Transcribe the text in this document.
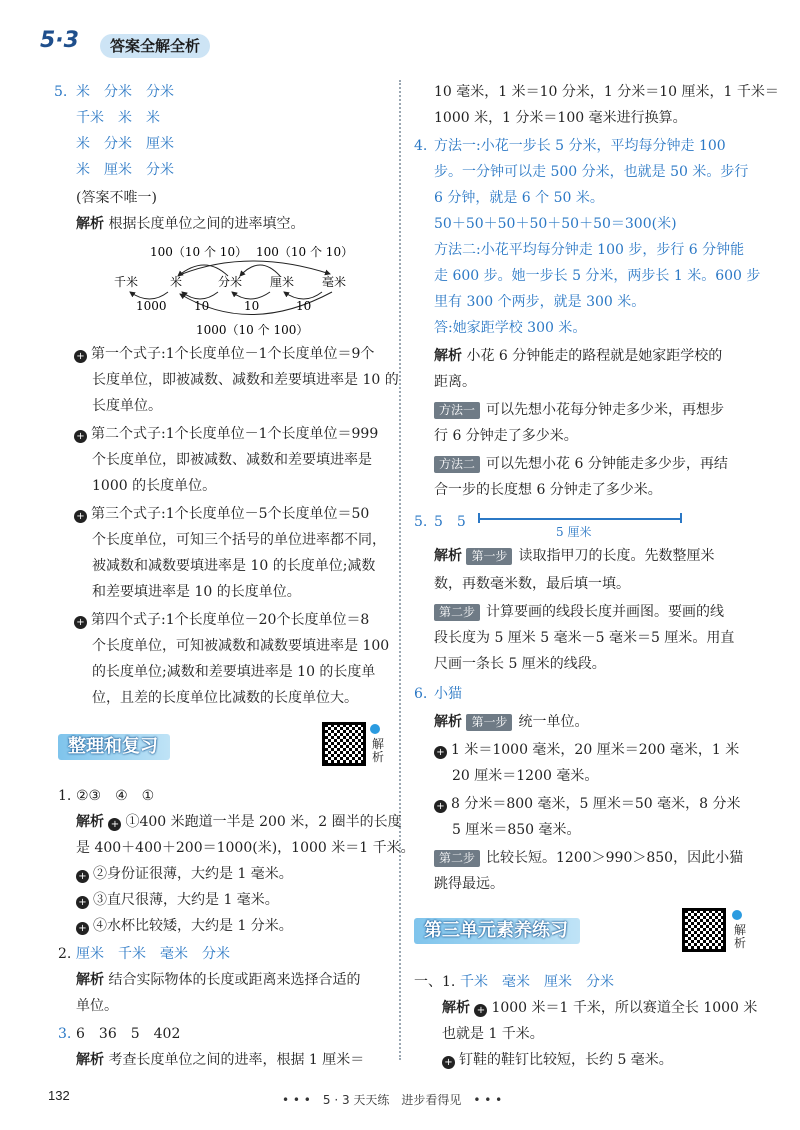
5·3	答案全解全析
5. 米　分米　分米
千米　米　米
米　分米　厘米
米　厘米　分米
(答案不唯一)
解析 根据长度单位之间的进率填空。
100（10 个 10） 100（10 个 10）
千米	米	分米 厘米 毫米
1000 10	10	10
1000（10 个 100）
+ 第一个式子:1个长度单位－1个长度单位＝9个
长度单位，即被减数、减数和差要填进率是 10 的
长度单位。
+ 第二个式子:1个长度单位－1个长度单位＝999
个长度单位，即被减数、减数和差要填进率是
1000 的长度单位。
+ 第三个式子:1个长度单位－5个长度单位＝50
个长度单位，可知三个括号的单位进率都不同，
被减数和减数要填进率是 10 的长度单位;减数
和差要填进率是 10 的长度单位。
+ 第四个式子:1个长度单位－20个长度单位＝8
个长度单位，可知被减数和减数要填进率是 100
的长度单位;减数和差要填进率是 10 的长度单
位，且差的长度单位比减数的长度单位大。
整理和复习	解析
1. ②③　④　①
解析 + ①400 米跑道一半是 200 米，2 圈半的长度
是 400＋400＋200＝1000(米)，1000 米＝1 千米。
+ ②身份证很薄，大约是 1 毫米。
+ ③直尺很薄，大约是 1 毫米。
+ ④水杯比较矮，大约是 1 分米。
2. 厘米　千米　毫米　分米
解析 结合实际物体的长度或距离来选择合适的
单位。
3. 6　36　5　402
解析 考查长度单位之间的进率，根据 1 厘米＝
10 毫米，1 米＝10 分米，1 分米＝10 厘米，1 千米＝
1000 米，1 分米＝100 毫米进行换算。
4. 方法一:小花一步长 5 分米，平均每分钟走 100
步。一分钟可以走 500 分米，也就是 50 米。步行
6 分钟，就是 6 个 50 米。
50＋50＋50＋50＋50＋50＝300(米)
方法二:小花平均每分钟走 100 步，步行 6 分钟能
走 600 步。她一步长 5 分米，两步长 1 米。600 步
里有 300 个两步，就是 300 米。
答:她家距学校 300 米。
解析 小花 6 分钟能走的路程就是她家距学校的
距离。
方法一 可以先想小花每分钟走多少米，再想步
行 6 分钟走了多少米。
方法二 可以先想小花 6 分钟能走多少步，再结
合一步的长度想 6 分钟走了多少米。
5. 5　5
5 厘米
解析 第一步 读取指甲刀的长度。先数整厘米
数，再数毫米数，最后填一填。
第二步 计算要画的线段长度并画图。要画的线
段长度为 5 厘米 5 毫米－5 毫米＝5 厘米。用直
尺画一条长 5 厘米的线段。
6. 小猫
解析 第一步 统一单位。
+ 1 米＝1000 毫米，20 厘米＝200 毫米，1 米
20 厘米＝1200 毫米。
+ 8 分米＝800 毫米，5 厘米＝50 毫米，8 分米
5 厘米＝850 毫米。
第二步 比较长短。1200＞990＞850，因此小猫
跳得最远。
第三单元素养练习	解析
一、1. 千米　毫米　厘米　分米
解析 + 1000 米＝1 千米，所以赛道全长 1000 米
也就是 1 千米。
+ 钉鞋的鞋钉比较短，长约 5 毫米。
132	• • •　5 · 3 天天练　进步看得见　• • •
